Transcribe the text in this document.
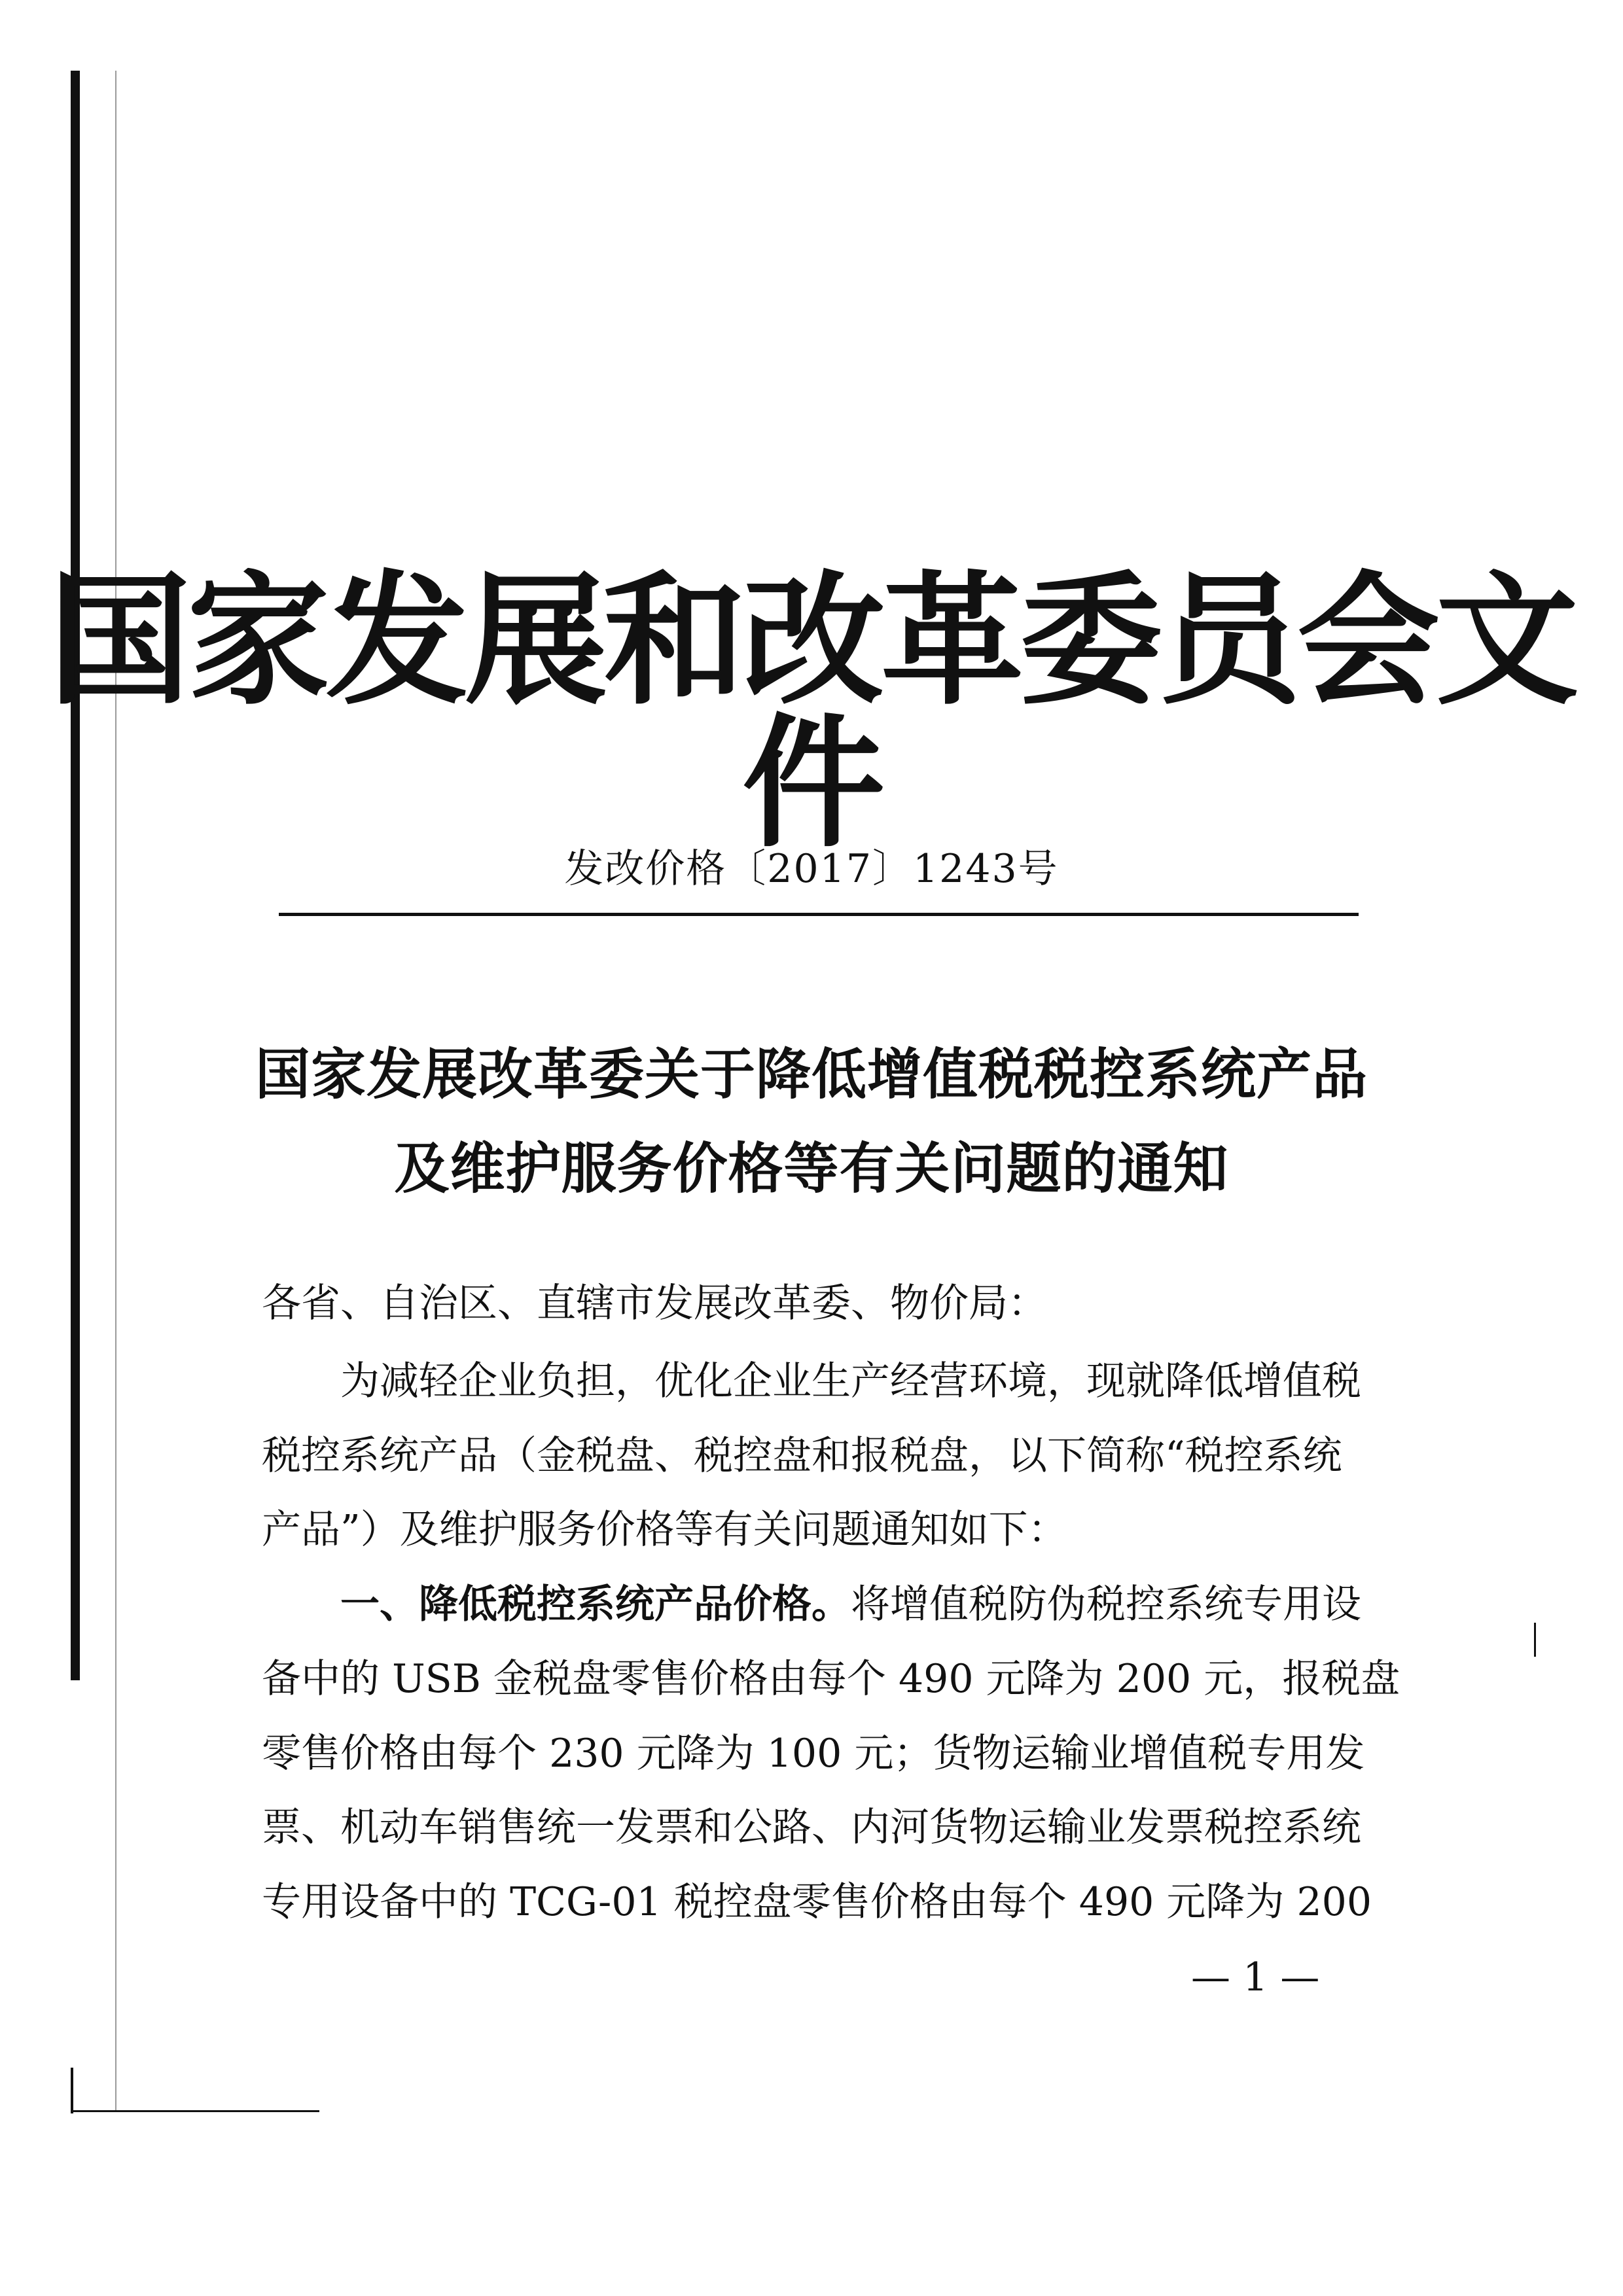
国家发展和改革委员会文件
发改价格〔2017〕1243号
国家发展改革委关于降低增值税税控系统产品
及维护服务价格等有关问题的通知
各省、自治区、直辖市发展改革委、物价局：
为减轻企业负担，优化企业生产经营环境，现就降低增值税
税控系统产品（金税盘、税控盘和报税盘，以下简称“税控系统
产品”）及维护服务价格等有关问题通知如下：
一、降低税控系统产品价格。将增值税防伪税控系统专用设
备中的 USB 金税盘零售价格由每个 490 元降为 200 元，报税盘
零售价格由每个 230 元降为 100 元；货物运输业增值税专用发
票、机动车销售统一发票和公路、内河货物运输业发票税控系统
专用设备中的 TCG-01 税控盘零售价格由每个 490 元降为 200
— 1 —
